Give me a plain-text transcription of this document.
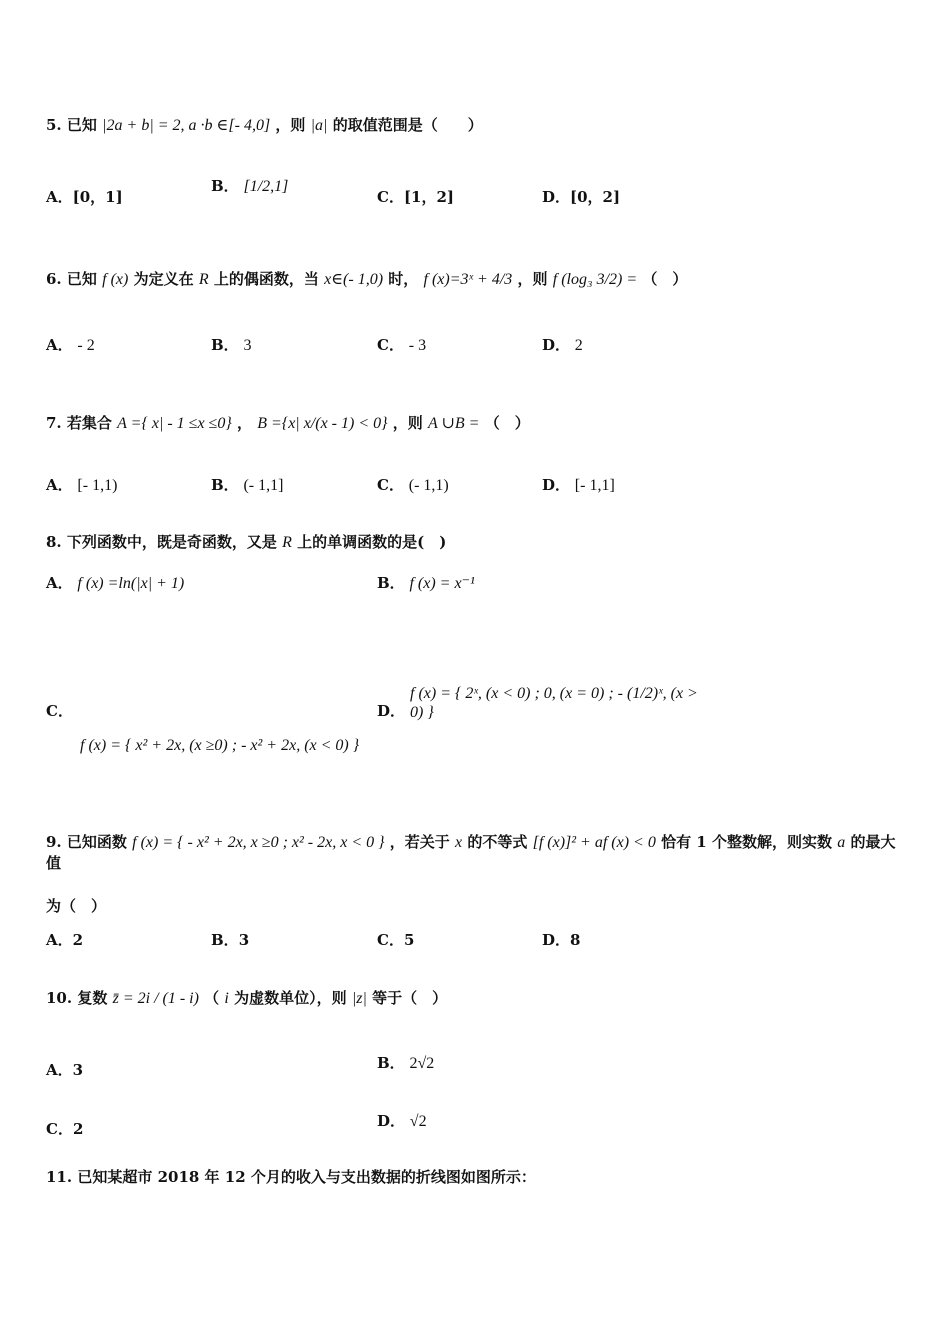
5. 已知 |2a + b| = 2, a ·b ∈[- 4,0] ，则 |a| 的取值范围是（　　）
A．[0，1]
B． [1/2,1]
C．[1，2]	D．[0，2]
6. 已知 f (x) 为定义在 R 上的偶函数，当 x∈(- 1,0) 时， f (x)=3ˣ + 4/3 ，则 f (log₃ 3/2) = （　）
A． - 2	B． 3	C． - 3	D． 2
7. 若集合 A ={ x| - 1 ≤x ≤0} ， B ={x| x/(x - 1) < 0} ，则 A ∪B = （　）
A． [- 1,1)	B． (- 1,1]	C． (- 1,1)	D． [- 1,1]
8. 下列函数中，既是奇函数，又是 R 上的单调函数的是(　)
A． f (x) =ln(|x| + 1)	B． f (x) = x⁻¹
C．
f (x) = { x² + 2x, (x ≥0) ; - x² + 2x, (x < 0) }
D．
f (x) = { 2ˣ, (x < 0) ; 0, (x = 0) ; - (1/2)ˣ, (x > 0) }
9. 已知函数 f (x) = { - x² + 2x, x ≥0 ; x² - 2x, x < 0 } ，若关于 x 的不等式 [f (x)]² + af (x) < 0 恰有 1 个整数解，则实数 a 的最大值
为（　）
A．2	B．3	C．5	D．8
10. 复数 z̄ = 2i / (1 - i) （ i 为虚数单位），则 |z| 等于（　）
A．3	B． 2√2
C．2	D． √2
11. 已知某超市 2018 年 12 个月的收入与支出数据的折线图如图所示：
